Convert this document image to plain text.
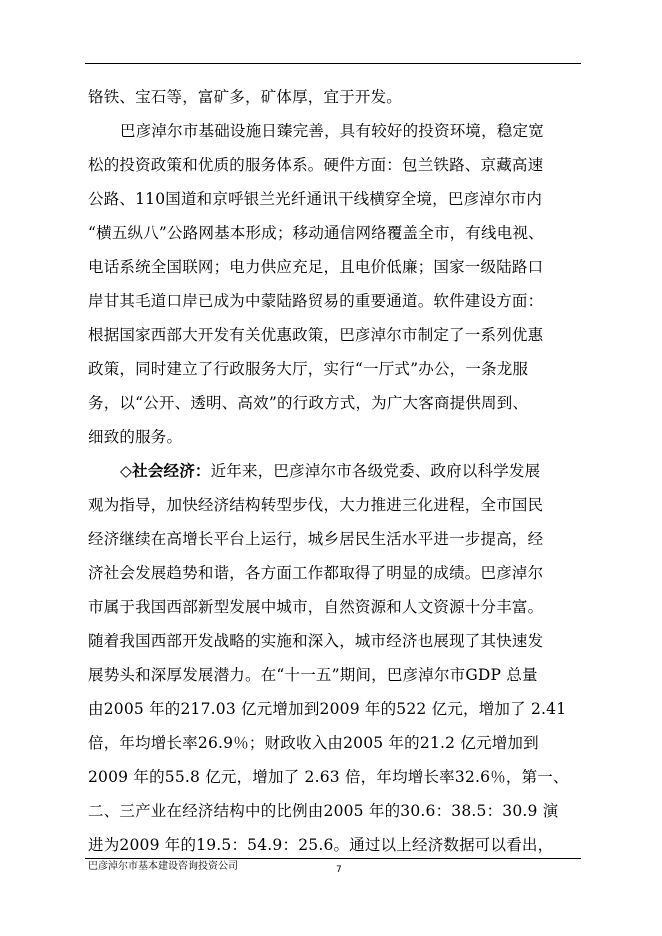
铬铁、宝石等，富矿多，矿体厚，宜于开发。
巴彦淖尔市基础设施日臻完善，具有较好的投资环境，稳定宽
松的投资政策和优质的服务体系。硬件方面：包兰铁路、京藏高速
公路、110国道和京呼银兰光纤通讯干线横穿全境，巴彦淖尔市内
“横五纵八”公路网基本形成；移动通信网络覆盖全市，有线电视、
电话系统全国联网；电力供应充足，且电价低廉；国家一级陆路口
岸甘其毛道口岸已成为中蒙陆路贸易的重要通道。软件建设方面：
根据国家西部大开发有关优惠政策，巴彦淖尔市制定了一系列优惠
政策，同时建立了行政服务大厅，实行“一厅式”办公，一条龙服
务，以“公开、透明、高效”的行政方式，为广大客商提供周到、
细致的服务。
◇社会经济：近年来，巴彦淖尔市各级党委、政府以科学发展
观为指导，加快经济结构转型步伐，大力推进三化进程，全市国民
经济继续在高增长平台上运行，城乡居民生活水平进一步提高，经
济社会发展趋势和谐，各方面工作都取得了明显的成绩。巴彦淖尔
市属于我国西部新型发展中城市，自然资源和人文资源十分丰富。
随着我国西部开发战略的实施和深入，城市经济也展现了其快速发
展势头和深厚发展潜力。在“十一五”期间，巴彦淖尔市GDP 总量
由2005 年的217.03 亿元增加到2009 年的522 亿元，增加了 2.41
倍，年均增长率26.9％；财政收入由2005 年的21.2 亿元增加到
2009 年的55.8 亿元，增加了 2.63 倍，年均增长率32.6％，第一、
二、三产业在经济结构中的比例由2005 年的30.6：38.5：30.9 演
进为2009 年的19.5：54.9：25.6。通过以上经济数据可以看出，
巴彦淖尔市基本建设咨询投资公司	7
